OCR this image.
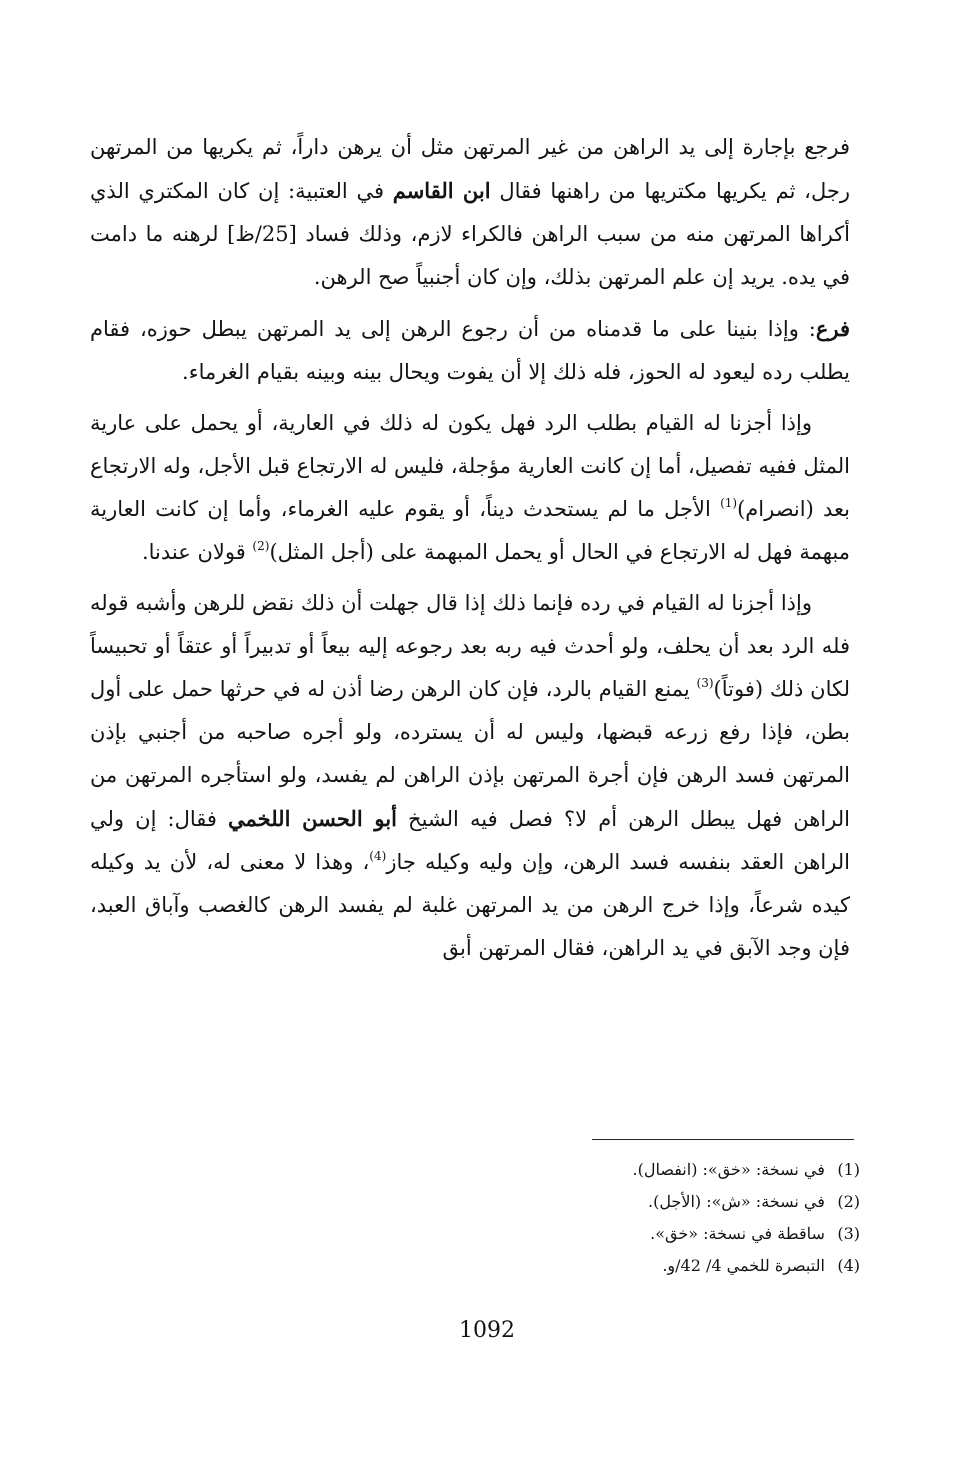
فرجع بإجارة إلى يد الراهن من غير المرتهن مثل أن يرهن داراً، ثم يكريها من المرتهن رجل، ثم يكريها مكتريها من راهنها فقال ابن القاسم في العتبية: إن كان المكتري الذي أكراها المرتهن منه من سبب الراهن فالكراء لازم، وذلك فساد [25/ظ] لرهنه ما دامت في يده. يريد إن علم المرتهن بذلك، وإن كان أجنبياً صح الرهن.

فرع: وإذا بنينا على ما قدمناه من أن رجوع الرهن إلى يد المرتهن يبطل حوزه، فقام يطلب رده ليعود له الحوز، فله ذلك إلا أن يفوت ويحال بينه وبينه بقيام الغرماء.

وإذا أجزنا له القيام بطلب الرد فهل يكون له ذلك في العارية، أو يحمل على عارية المثل ففيه تفصيل، أما إن كانت العارية مؤجلة، فليس له الارتجاع قبل الأجل، وله الارتجاع بعد (انصرام)$^{(1)}$ الأجل ما لم يستحدث ديناً، أو يقوم عليه الغرماء، وأما إن كانت العارية مبهمة فهل له الارتجاع في الحال أو يحمل المبهمة على (أجل المثل)$^{(2)}$ قولان عندنا.

وإذا أجزنا له القيام في رده فإنما ذلك إذا قال جهلت أن ذلك نقض للرهن وأشبه قوله فله الرد بعد أن يحلف، ولو أحدث فيه ربه بعد رجوعه إليه بيعاً أو تدبيراً أو عتقاً أو تحبيساً لكان ذلك (فوتاً)$^{(3)}$ يمنع القيام بالرد، فإن كان الرهن رضا أذن له في حرثها حمل على أول بطن، فإذا رفع زرعه قبضها، وليس له أن يسترده، ولو أجره صاحبه من أجنبي بإذن المرتهن فسد الرهن فإن أجرة المرتهن بإذن الراهن لم يفسد، ولو استأجره المرتهن من الراهن فهل يبطل الرهن أم لا؟ فصل فيه الشيخ أبو الحسن اللخمي فقال: إن ولي الراهن العقد بنفسه فسد الرهن، وإن وليه وكيله جاز$^{(4)}$، وهذا لا معنى له، لأن يد وكيله كيده شرعاً، وإذا خرج الرهن من يد المرتهن غلبة لم يفسد الرهن كالغصب وآباق العبد، فإن وجد الآبق في يد الراهن، فقال المرتهن أبق

(1) في نسخة: «خق»: (انفصال).
(2) في نسخة: «ش»: (الأجل).
(3) ساقطة في نسخة: «خق».
(4) التبصرة للخمي 4/ 42/و.
1092
